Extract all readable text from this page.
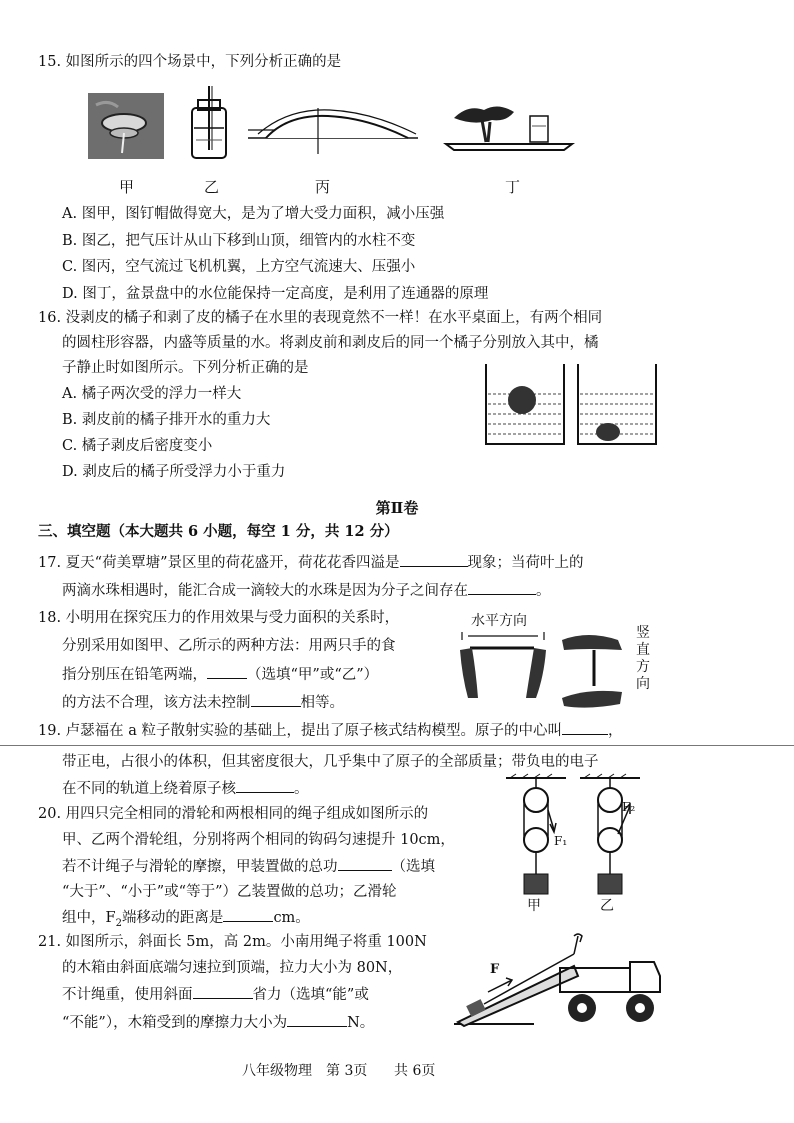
15. 如图所示的四个场景中，下列分析正确的是
甲	乙	丙	丁
A. 图甲，图钉帽做得宽大，是为了增大受力面积，减小压强
B. 图乙，把气压计从山下移到山顶，细管内的水柱不变
C. 图丙，空气流过飞机机翼，上方空气流速大、压强小
D. 图丁，盆景盘中的水位能保持一定高度，是利用了连通器的原理
16. 没剥皮的橘子和剥了皮的橘子在水里的表现竟然不一样！在水平桌面上，有两个相同
的圆柱形容器，内盛等质量的水。将剥皮前和剥皮后的同一个橘子分别放入其中，橘
子静止时如图所示。下列分析正确的是
A. 橘子两次受的浮力一样大
B. 剥皮前的橘子排开水的重力大
C. 橘子剥皮后密度变小
D. 剥皮后的橘子所受浮力小于重力
第Ⅱ卷
三、填空题（本大题共 6 小题，每空 1 分，共 12 分）
17. 夏天“荷美覃塘”景区里的荷花盛开，荷花花香四溢是	现象；当荷叶上的
两滴水珠相遇时，能汇合成一滴较大的水珠是因为分子之间存在	。
18. 小明用在探究压力的作用效果与受力面积的关系时，
分别采用如图甲、乙所示的两种方法：用两只手的食
指分别压在铅笔两端，	（选填“甲”或“乙”）
的方法不合理，该方法未控制	相等。
水平方向
竖直方向
19. 卢瑟福在 a 粒子散射实验的基础上，提出了原子核式结构模型。原子的中心叫	，
带正电，占很小的体积，但其密度很大，几乎集中了原子的全部质量；带负电的电子
在不同的轨道上绕着原子核	。
20. 用四只完全相同的滑轮和两根相同的绳子组成如图所示的
甲、乙两个滑轮组，分别将两个相同的钩码匀速提升 10cm，
若不计绳子与滑轮的摩擦，甲装置做的总功	（选填
“大于”、“小于”或“等于”）乙装置做的总功；乙滑轮
组中，$F_2$端移动的距离是	cm。
F₁
F₂
甲	乙
21. 如图所示，斜面长 5m，高 2m。小南用绳子将重 100N
的木箱由斜面底端匀速拉到顶端，拉力大小为 80N，
不计绳重，使用斜面	省力（选填“能”或
“不能”），木箱受到的摩擦力大小为	N。
F
八年级物理 第 3页 共 6页
